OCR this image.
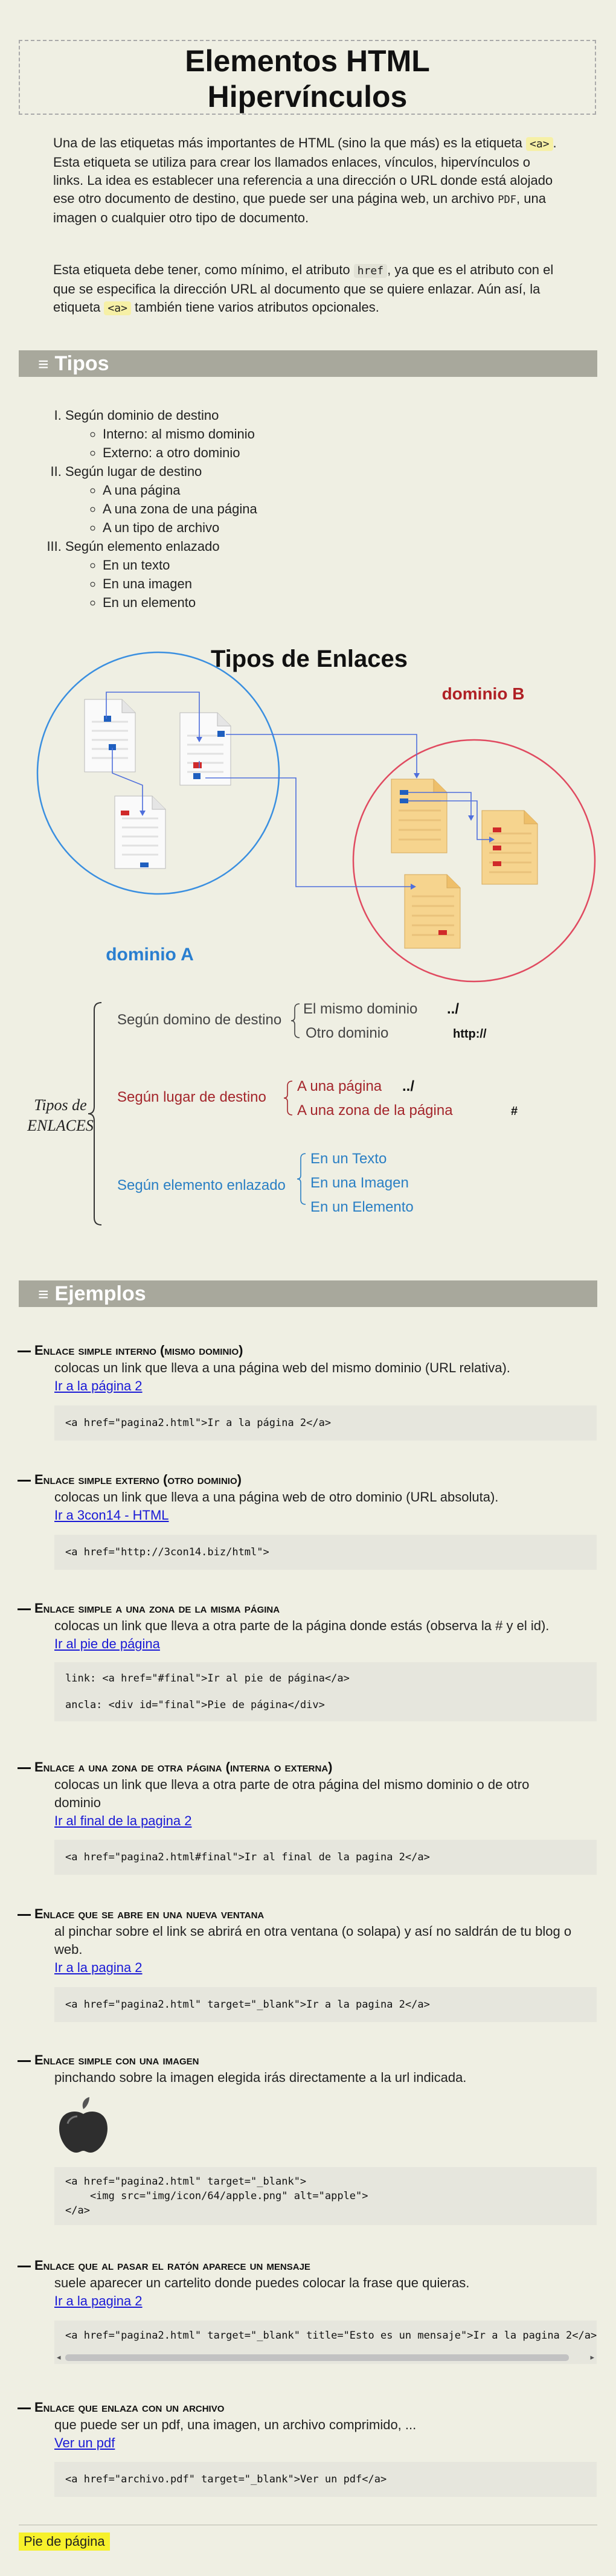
Elementos HTML
Hipervínculos

Una de las etiquetas más importantes de HTML (sino la que más) es la etiqueta <a> . Esta etiqueta se utiliza para crear los llamados enlaces, vínculos, hipervínculos o links. La idea es establecer una referencia a una dirección o URL donde está alojado ese otro documento de destino, que puede ser una página web, un archivo PDF, una imagen o cualquier otro tipo de documento.

Esta etiqueta debe tener, como mínimo, el atributo href , ya que es el atributo con el que se especifica la dirección URL al documento que se quiere enlazar. Aún así, la etiqueta <a> también tiene varios atributos opcionales.

≡ Tipos
I. Según dominio de destino
◦ Interno: al mismo dominio
◦ Externo: a otro dominio
II. Según lugar de destino
◦ A una página
◦ A una zona de una página
◦ A un tipo de archivo
III. Según elemento enlazado
◦ En un texto
◦ En una imagen
◦ En un elemento
Tipos de Enlaces
dominio B
dominio A
Tipos de
ENLACES
Según domino de destino
El mismo dominio
Otro dominio
../
http://
Según lugar de destino
A una página
A una zona de la página
../
#
Según elemento enlazado
En un Texto
En una Imagen
En un Elemento
≡ Ejemplos
Enlace simple interno (mismo dominio)
colocas un link que lleva a una página web del mismo dominio (URL relativa).
Ir a la página 2
<a href="pagina2.html">Ir a la página 2</a>
Enlace simple externo (otro dominio)
colocas un link que lleva a una página web de otro dominio (URL absoluta).
Ir a 3con14 - HTML
<a href="http://3con14.biz/html">
Enlace simple a una zona de la misma página
colocas un link que lleva a otra parte de la página donde estás (observa la # y el id).
Ir al pie de página
link: <a href="#final">Ir al pie de página</a>

ancla: <div id="final">Pie de página</div>
Enlace a una zona de otra página (interna o externa)
colocas un link que lleva a otra parte de otra página del mismo dominio o de otro dominio
Ir al final de la pagina 2
<a href="pagina2.html#final">Ir al final de la pagina 2</a>
Enlace que se abre en una nueva ventana
al pinchar sobre el link se abrirá en otra ventana (o solapa) y así no saldrán de tu blog o web.
Ir a la pagina 2
<a href="pagina2.html" target="_blank">Ir a la pagina 2</a>
Enlace simple con una imagen
pinchando sobre la imagen elegida irás directamente a la url indicada.
<a href="pagina2.html" target="_blank">
<img src="img/icon/64/apple.png" alt="apple">
</a>
Enlace que al pasar el ratón aparece un mensaje
suele aparecer un cartelito donde puedes colocar la frase que quieras.
Ir a la pagina 2
<a href="pagina2.html" target="_blank" title="Esto es un mensaje">Ir a la pagina 2</a>
◂	▸
Enlace que enlaza con un archivo
que puede ser un pdf, una imagen, un archivo comprimido, ...
Ver un pdf
<a href="archivo.pdf" target="_blank">Ver un pdf</a>
Pie de página
